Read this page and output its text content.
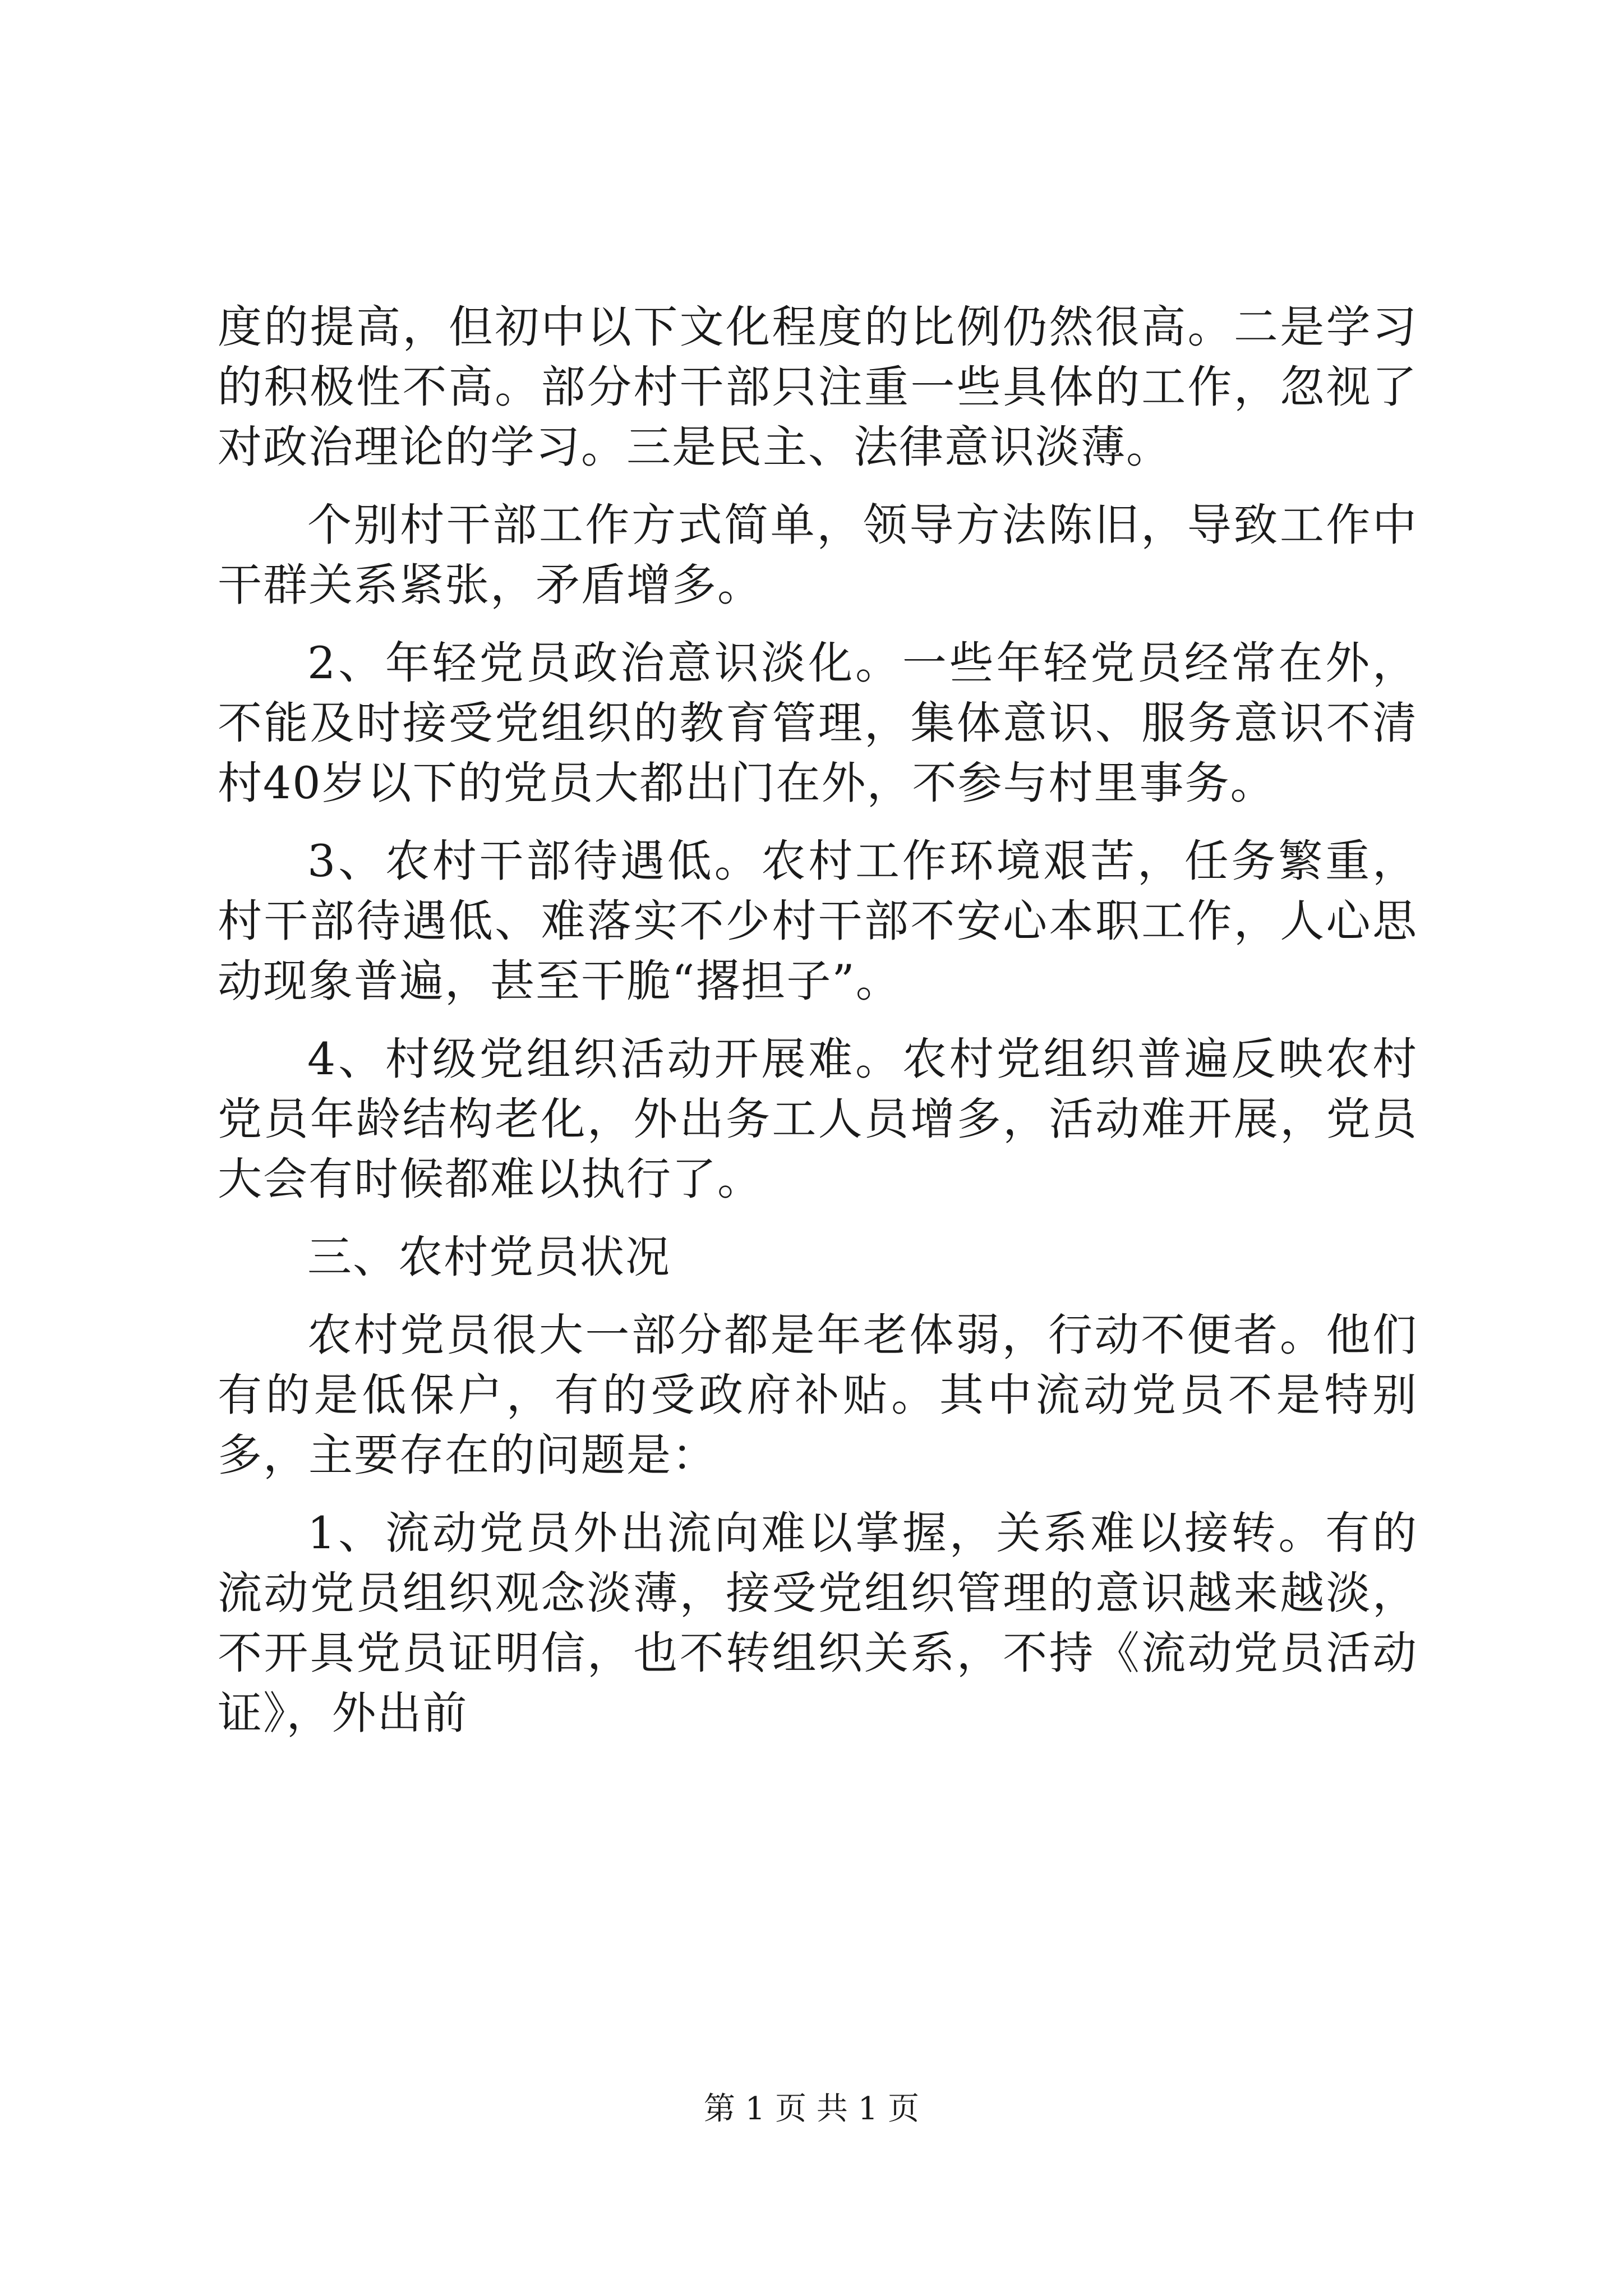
度的提高，但初中以下文化程度的比例仍然很高。二是学习的积极性不高。部分村干部只注重一些具体的工作，忽视了对政治理论的学习。三是民主、法律意识淡薄。

个别村干部工作方式简单，领导方法陈旧，导致工作中干群关系紧张，矛盾增多。

2、年轻党员政治意识淡化。一些年轻党员经常在外，不能及时接受党组织的教育管理，集体意识、服务意识不清村40岁以下的党员大都出门在外，不参与村里事务。

3、农村干部待遇低。农村工作环境艰苦，任务繁重，村干部待遇低、难落实不少村干部不安心本职工作，人心思动现象普遍，甚至干脆“撂担子”。

4、村级党组织活动开展难。农村党组织普遍反映农村党员年龄结构老化，外出务工人员增多，活动难开展，党员大会有时候都难以执行了。

三、农村党员状况

农村党员很大一部分都是年老体弱，行动不便者。他们有的是低保户，有的受政府补贴。其中流动党员不是特别多，主要存在的问题是：

1、流动党员外出流向难以掌握，关系难以接转。有的流动党员组织观念淡薄，接受党组织管理的意识越来越淡，不开具党员证明信，也不转组织关系，不持《流动党员活动证》，外出前

第 1 页 共 1 页
